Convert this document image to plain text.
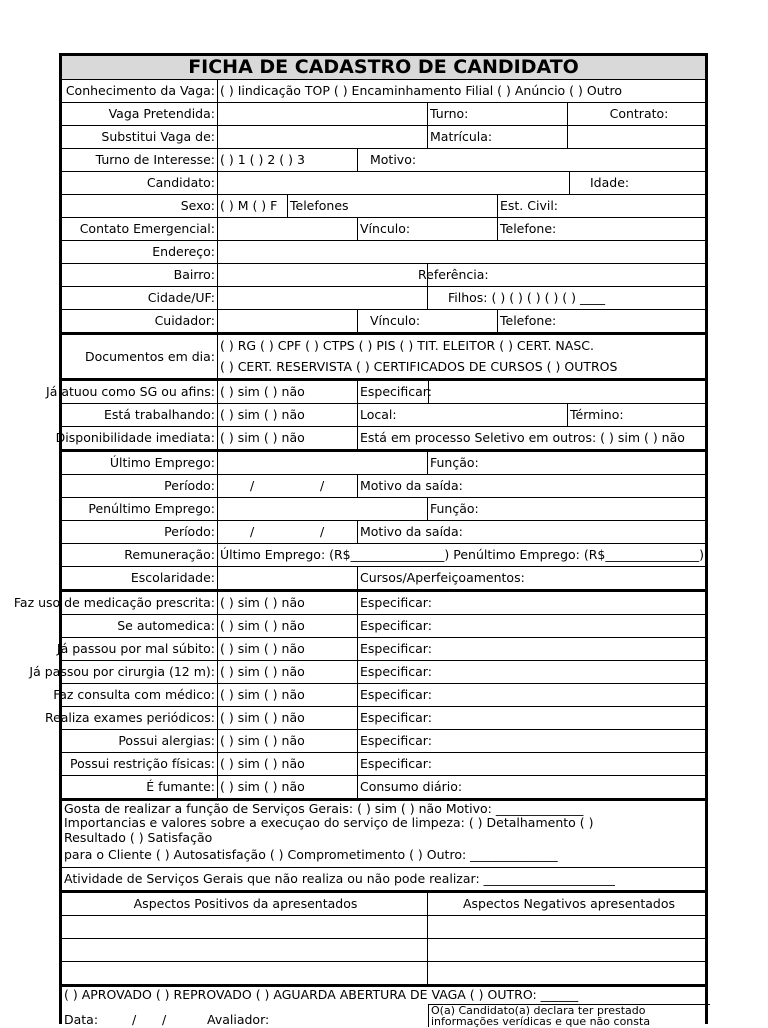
FICHA DE CADASTRO DE CANDIDATO
Conhecimento da Vaga: ( ) Iindicação TOP ( ) Encaminhamento Filial ( ) Anúncio ( ) Outro
Vaga Pretendida:	Turno:	Contrato:
Substitui Vaga de:	Matrícula:
Turno de Interesse: ( ) 1 ( ) 2 ( ) 3	Motivo:
Candidato:	Idade:
Sexo: ( ) M ( ) F	Telefones	Est. Civil:
Contato Emergencial:	Vínculo:	Telefone:
Endereço:
Bairro:	Referência:
Cidade/UF:	Filhos: ( ) ( ) ( ) ( ) ( ) ____
Cuidador:	Vínculo:	Telefone:
Documentos em dia:
( ) RG ( ) CPF ( ) CTPS ( ) PIS ( ) TIT. ELEITOR ( ) CERT. NASC.
( ) CERT. RESERVISTA ( ) CERTIFICADOS DE CURSOS ( ) OUTROS
Já atuou como SG ou afins: ( ) sim ( ) não	Especificar:
Está trabalhando: ( ) sim ( ) não	Local:	Término:
Disponibilidade imediata: ( ) sim ( ) não	Está em processo Seletivo em outros: ( ) sim ( ) não
Último Emprego:	Função:
Período:	/	/	Motivo da saída:
Penúltimo Emprego:	Função:
Período:	/	/	Motivo da saída:
Remuneração: Último Emprego: (R$_______________) Penúltimo Emprego: (R$_______________)
Escolaridade:	Cursos/Aperfeiçoamentos:
Faz uso de medicação prescrita: ( ) sim ( ) não	Especificar:
Se automedica: ( ) sim ( ) não	Especificar:
Já passou por mal súbito: ( ) sim ( ) não	Especificar:
Já passou por cirurgia (12 m): ( ) sim ( ) não	Especificar:
Faz consulta com médico: ( ) sim ( ) não	Especificar:
Realiza exames periódicos: ( ) sim ( ) não	Especificar:
Possui alergias: ( ) sim ( ) não	Especificar:
Possui restrição físicas: ( ) sim ( ) não	Especificar:
É fumante: ( ) sim ( ) não	Consumo diário:
Gosta de realizar a função de Serviços Gerais: ( ) sim ( ) não Motivo: ______________
Importancias e valores sobre a execuçao do serviço de limpeza: ( ) Detalhamento ( )
Resultado ( ) Satisfação
para o Cliente ( ) Autosatisfação ( ) Comprometimento ( ) Outro: ______________
Atividade de Serviços Gerais que não realiza ou não pode realizar: _____________________
Aspectos Positivos da apresentados	Aspectos Negativos apresentados
( ) APROVADO ( ) REPROVADO ( ) AGUARDA ABERTURA DE VAGA ( ) OUTRO: ______
Data:	/ /	Avaliador:
O(a) Candidato(a) declara ter prestado
informações verídicas e que não consta
